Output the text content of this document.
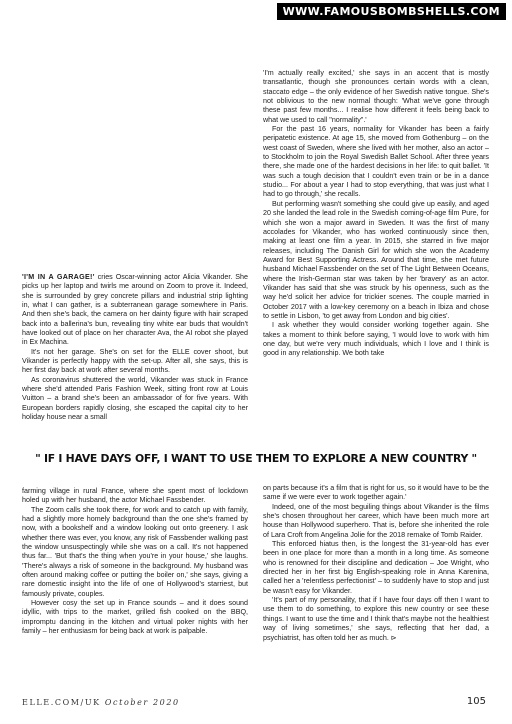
WWW.FAMOUSBOMBSHELLS.COM

'I'm actually really excited,' she says in an accent that is mostly transatlantic, though she pronounces certain words with a clean, staccato edge – the only evidence of her Swedish native tongue. She's not oblivious to the new normal though: 'What we've gone through these past few months... I realise how different it feels being back to what we used to call "normality".'

For the past 16 years, normality for Vikander has been a fairly peripatetic existence. At age 15, she moved from Gothenburg – on the west coast of Sweden, where she lived with her mother, also an actor – to Stockholm to join the Royal Swedish Ballet School. After three years there, she made one of the hardest decisions in her life: to quit ballet. 'It was such a tough decision that I couldn't even train or be in a dance studio... For about a year I had to stop everything, that was just what I had to go through,' she recalls.

But performing wasn't something she could give up easily, and aged 20 she landed the lead role in the Swedish coming-of-age film Pure, for which she won a major award in Sweden. It was the first of many accolades for Vikander, who has worked continuously since then, making at least one film a year. In 2015, she starred in five major releases, including The Danish Girl for which she won the Academy Award for Best Supporting Actress. Around that time, she met future husband Michael Fassbender on the set of The Light Between Oceans, where the Irish-German star was taken by her 'bravery' as an actor. Vikander has said that she was struck by his openness, such as the way he'd solicit her advice for trickier scenes. The couple married in October 2017 with a low-key ceremony on a beach in Ibiza and chose to settle in Lisbon, 'to get away from London and big cities'.

I ask whether they would consider working together again. She takes a moment to think before saying, 'I would love to work with him one day, but we're very much individuals, which I love and I think is good in any relationship. We both take

'I'M IN A GARAGE!' cries Oscar-winning actor Alicia Vikander. She picks up her laptop and twirls me around on Zoom to prove it. Indeed, she is surrounded by grey concrete pillars and industrial strip lighting in, what I can gather, is a subterranean garage somewhere in Paris. And then she's back, the camera on her dainty figure with hair scraped back into a ballerina's bun, revealing tiny white ear buds that wouldn't have looked out of place on her character Ava, the AI robot she played in Ex Machina.

It's not her garage. She's on set for the ELLE cover shoot, but Vikander is perfectly happy with the set-up. After all, she says, this is her first day back at work after several months.

As coronavirus shuttered the world, Vikander was stuck in France where she'd attended Paris Fashion Week, sitting front row at Louis Vuitton – a brand she's been an ambassador of for five years. With European borders rapidly closing, she escaped the capital city to her holiday house near a small

" IF I HAVE DAYS OFF, I WANT TO USE THEM TO EXPLORE A NEW COUNTRY "

farming village in rural France, where she spent most of lockdown holed up with her husband, the actor Michael Fassbender.

The Zoom calls she took there, for work and to catch up with family, had a slightly more homely background than the one she's framed by now, with a bookshelf and a window looking out onto greenery. I ask whether there was ever, you know, any risk of Fassbender walking past the window unsuspectingly while she was on a call. It's not happened thus far... 'But that's the thing when you're in your house,' she laughs. 'There's always a risk of someone in the background. My husband was often around making coffee or putting the boiler on,' she says, giving a rare domestic insight into the life of one of Hollywood's starriest, but famously private, couples.

However cosy the set up in France sounds – and it does sound idyllic, with trips to the market, grilled fish cooked on the BBQ, impromptu dancing in the kitchen and virtual poker nights with her family – her enthusiasm for being back at work is palpable.

on parts because it's a film that is right for us, so it would have to be the same if we were ever to work together again.'

Indeed, one of the most beguiling things about Vikander is the films she's chosen throughout her career, which have been much more art house than Hollywood superhero. That is, before she inherited the role of Lara Croft from Angelina Jolie for the 2018 remake of Tomb Raider.

This enforced hiatus then, is the longest the 31-year-old has ever been in one place for more than a month in a long time. As someone who is renowned for their discipline and dedication – Joe Wright, who directed her in her first big English-speaking role in Anna Karenina, called her a 'relentless perfectionist' – to suddenly have to stop and just be wasn't easy for Vikander.

'It's part of my personality, that if I have four days off then I want to use them to do something, to explore this new country or see these things. I want to use the time and I think that's maybe not the healthiest way of living sometimes,' she says, reflecting that her dad, a psychiatrist, has often told her as much. ⊳

ELLE.COM/UK October 2020	105
